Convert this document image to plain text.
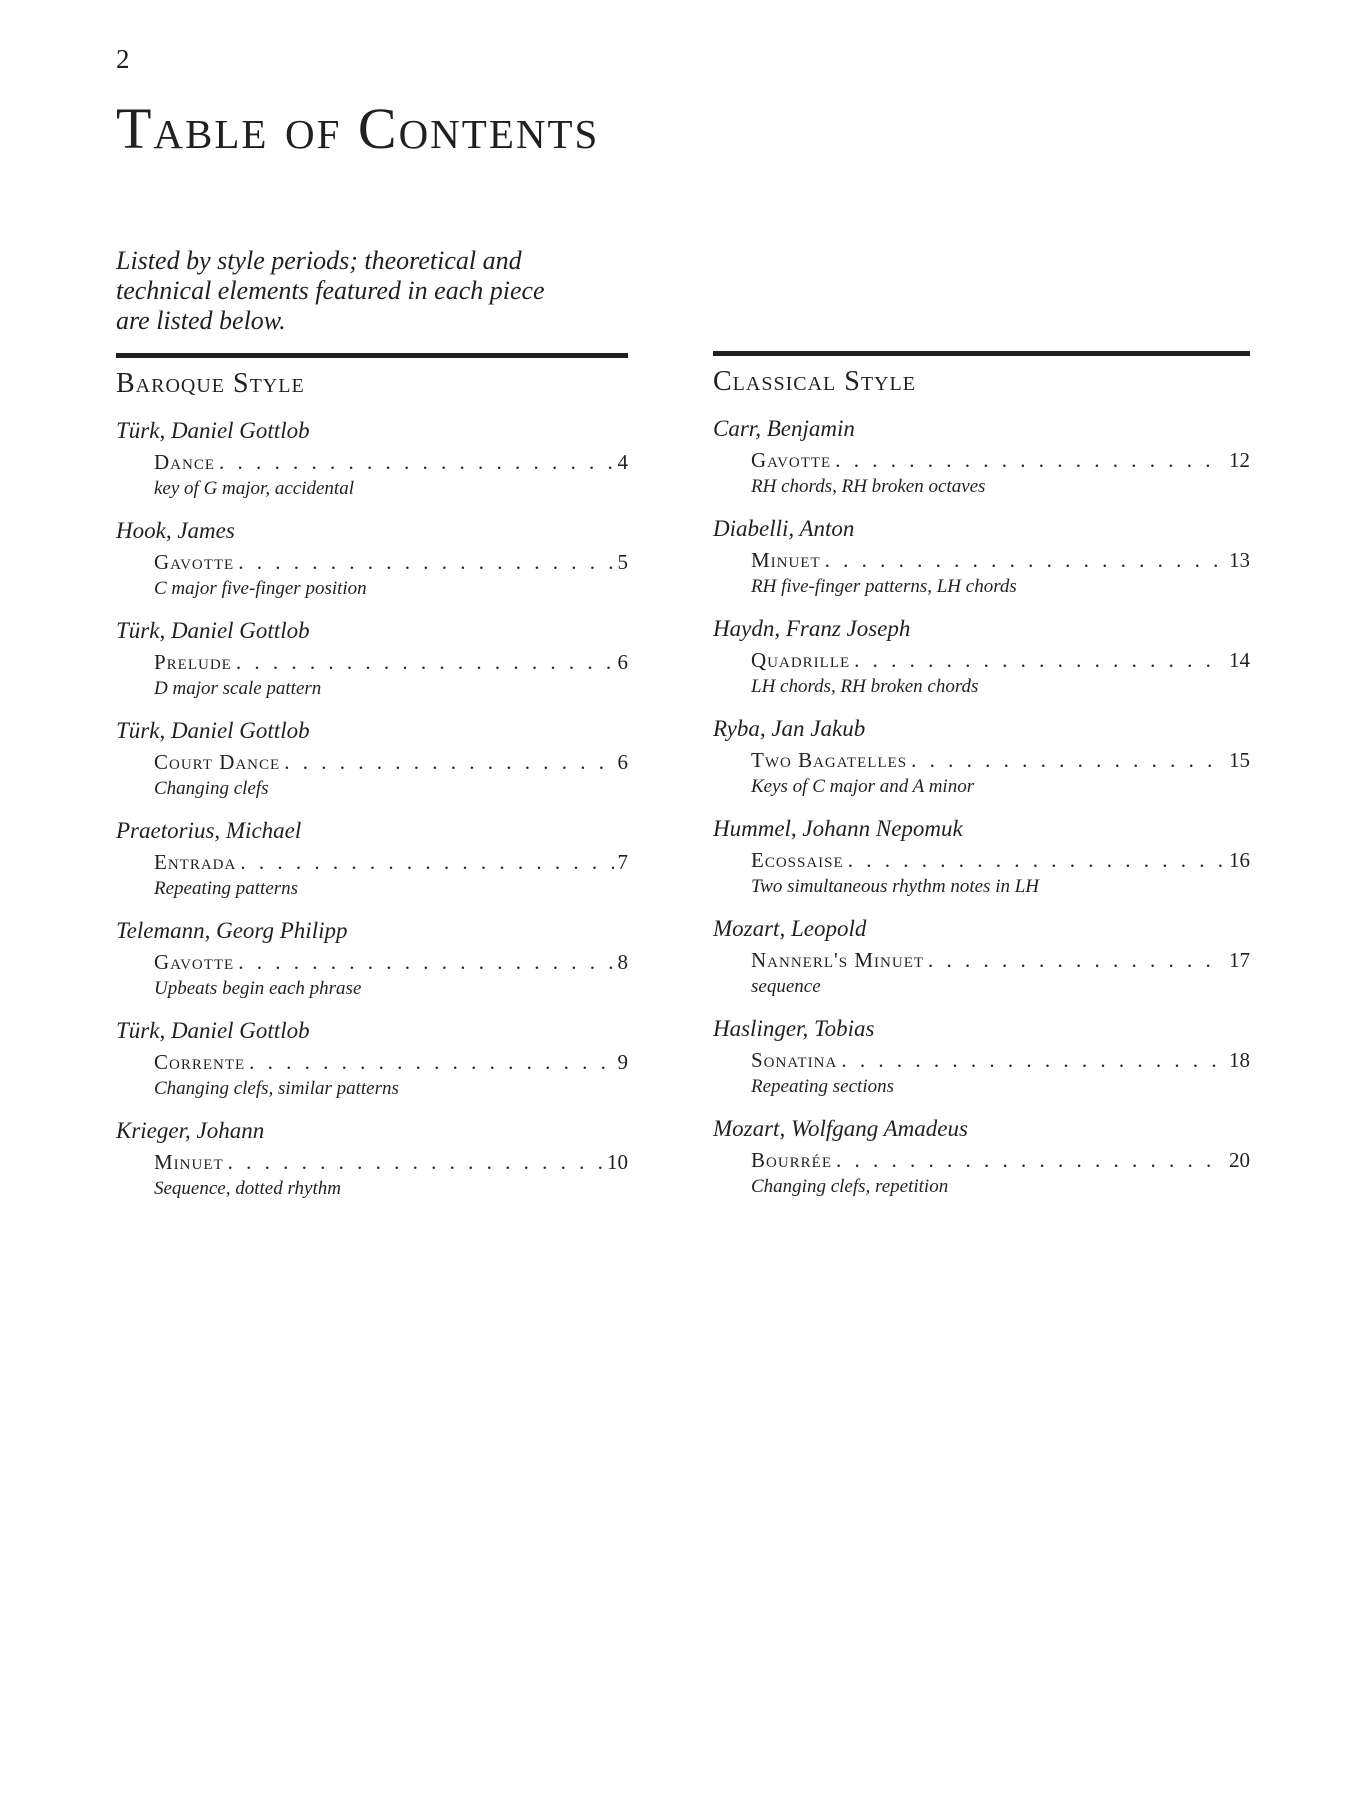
2
Table of Contents

Listed by style periods; theoretical and technical elements featured in each piece are listed below.

Baroque Style
Türk, Daniel Gottlob
Dance . . .	4
key of G major, accidental
Hook, James
Gavotte . . .	5
C major five-finger position
Türk, Daniel Gottlob
Prelude . . .	6
D major scale pattern
Türk, Daniel Gottlob
Court Dance . . .	6
Changing clefs
Praetorius, Michael
Entrada . . .	7
Repeating patterns
Telemann, Georg Philipp
Gavotte . . .	8
Upbeats begin each phrase
Türk, Daniel Gottlob
Corrente . . .	9
Changing clefs, similar patterns
Krieger, Johann
Minuet . . .	10
Sequence, dotted rhythm
Classical Style
Carr, Benjamin
Gavotte . . .	12
RH chords, RH broken octaves
Diabelli, Anton
Minuet . . .	13
RH five-finger patterns, LH chords
Haydn, Franz Joseph
Quadrille . . .	14
LH chords, RH broken chords
Ryba, Jan Jakub
Two Bagatelles . . .	15
Keys of C major and A minor
Hummel, Johann Nepomuk
Ecossaise . . .	16
Two simultaneous rhythm notes in LH
Mozart, Leopold
Nannerl's Minuet . . .	17
sequence
Haslinger, Tobias
Sonatina . . .	18
Repeating sections
Mozart, Wolfgang Amadeus
Bourrée . . .	20
Changing clefs, repetition
